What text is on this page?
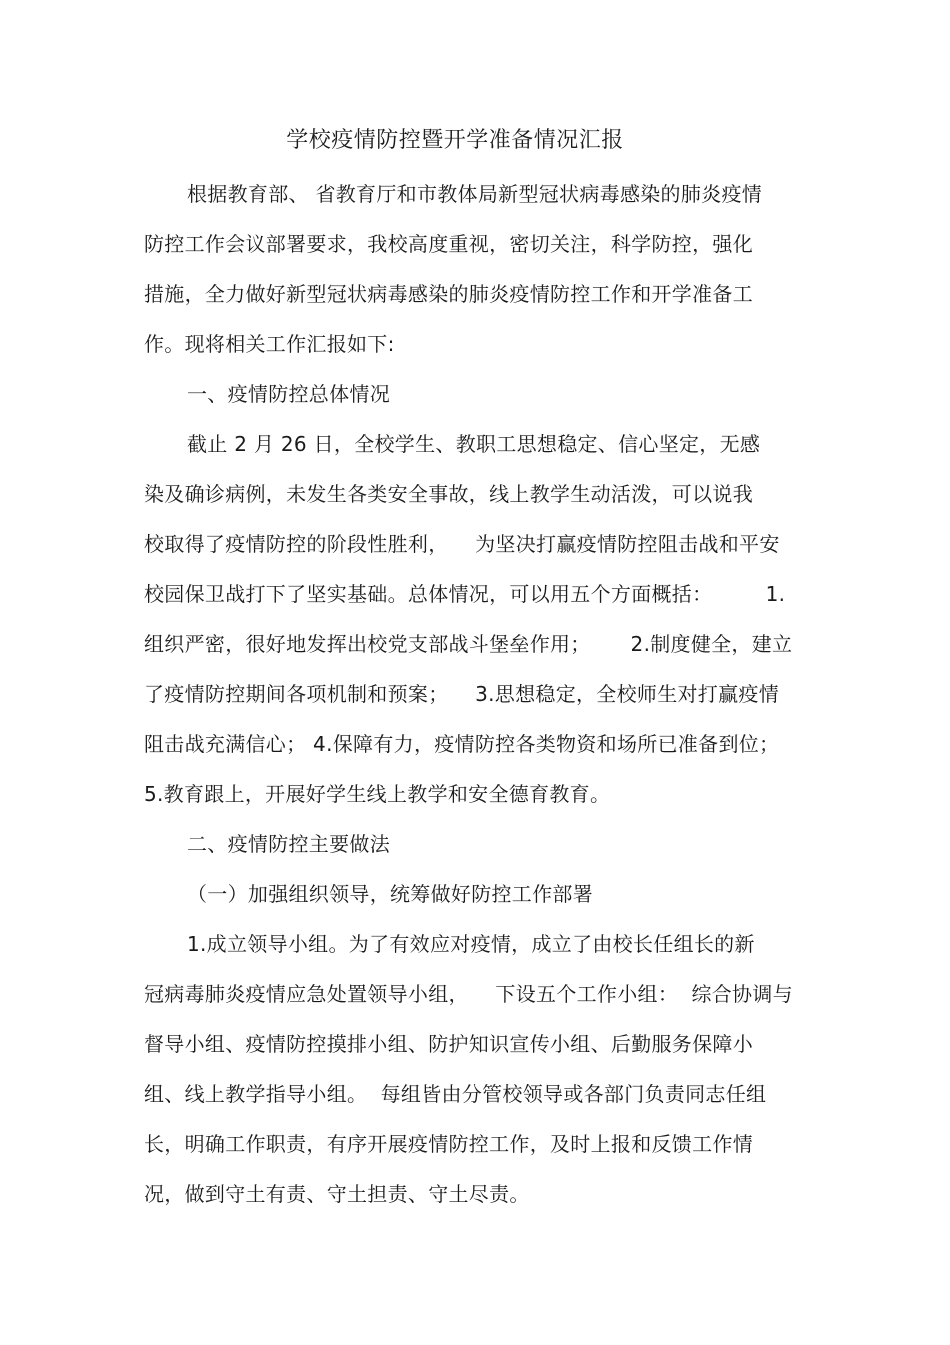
学校疫情防控暨开学准备情况汇报
根据教育部、 省教育厅和市教体局新型冠状病毒感染的肺炎疫情
防控工作会议部署要求，我校高度重视，密切关注，科学防控，强化
措施，全力做好新型冠状病毒感染的肺炎疫情防控工作和开学准备工
作。现将相关工作汇报如下:
一、疫情防控总体情况
截止 2 月 26 日，全校学生、教职工思想稳定、信心坚定，无感
染及确诊病例，未发生各类安全事故，线上教学生动活泼，可以说我
校取得了疫情防控的阶段性胜利，    为坚决打赢疫情防控阻击战和平安
校园保卫战打下了坚实基础。总体情况，可以用五个方面概括：        1.
组织严密，很好地发挥出校党支部战斗堡垒作用；      2.制度健全，建立
了疫情防控期间各项机制和预案；    3.思想稳定，全校师生对打赢疫情
阻击战充满信心； 4.保障有力，疫情防控各类物资和场所已准备到位；
5.教育跟上，开展好学生线上教学和安全德育教育。
二、疫情防控主要做法
（一）加强组织领导，统筹做好防控工作部署
1.成立领导小组。为了有效应对疫情，成立了由校长任组长的新
冠病毒肺炎疫情应急处置领导小组，    下设五个工作小组：  综合协调与
督导小组、疫情防控摸排小组、防护知识宣传小组、后勤服务保障小
组、线上教学指导小组。  每组皆由分管校领导或各部门负责同志任组
长，明确工作职责，有序开展疫情防控工作，及时上报和反馈工作情
况，做到守土有责、守土担责、守土尽责。
